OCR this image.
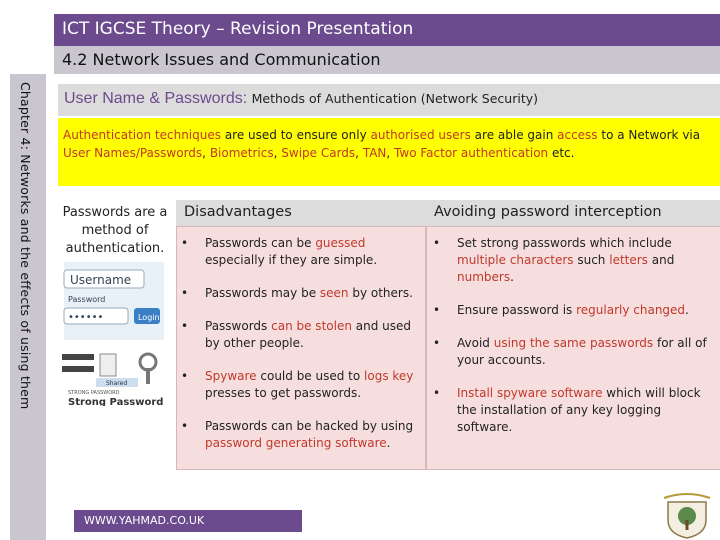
ICT IGCSE Theory – Revision Presentation
4.2 Network Issues and Communication
Chapter 4: Networks and the effects of using them User Name & Passwords: Methods of Authentication (Network Security)

Authentication techniques are used to ensure only authorised users are able gain access to a Network via User Names/Passwords, Biometrics, Swipe Cards, TAN, Two Factor authentication etc.

Passwords are a method of authentication.
Username
Password
••••••	Login
Shared
STRONG PASSWORD
Strong Password
Disadvantages
• Passwords can be guessed especially if they are simple.
• Passwords may be seen by others.
• Passwords can be stolen and used by other people.
• Spyware could be used to logs key presses to get passwords.
• Passwords can be hacked by using password generating software.
Avoiding password interception
• Set strong passwords which include multiple characters such letters and numbers.
• Ensure password is regularly changed.
• Avoid using the same passwords for all of your accounts.
• Install spyware software which will block the installation of any key logging software.
WWW.YAHMAD.CO.UK
